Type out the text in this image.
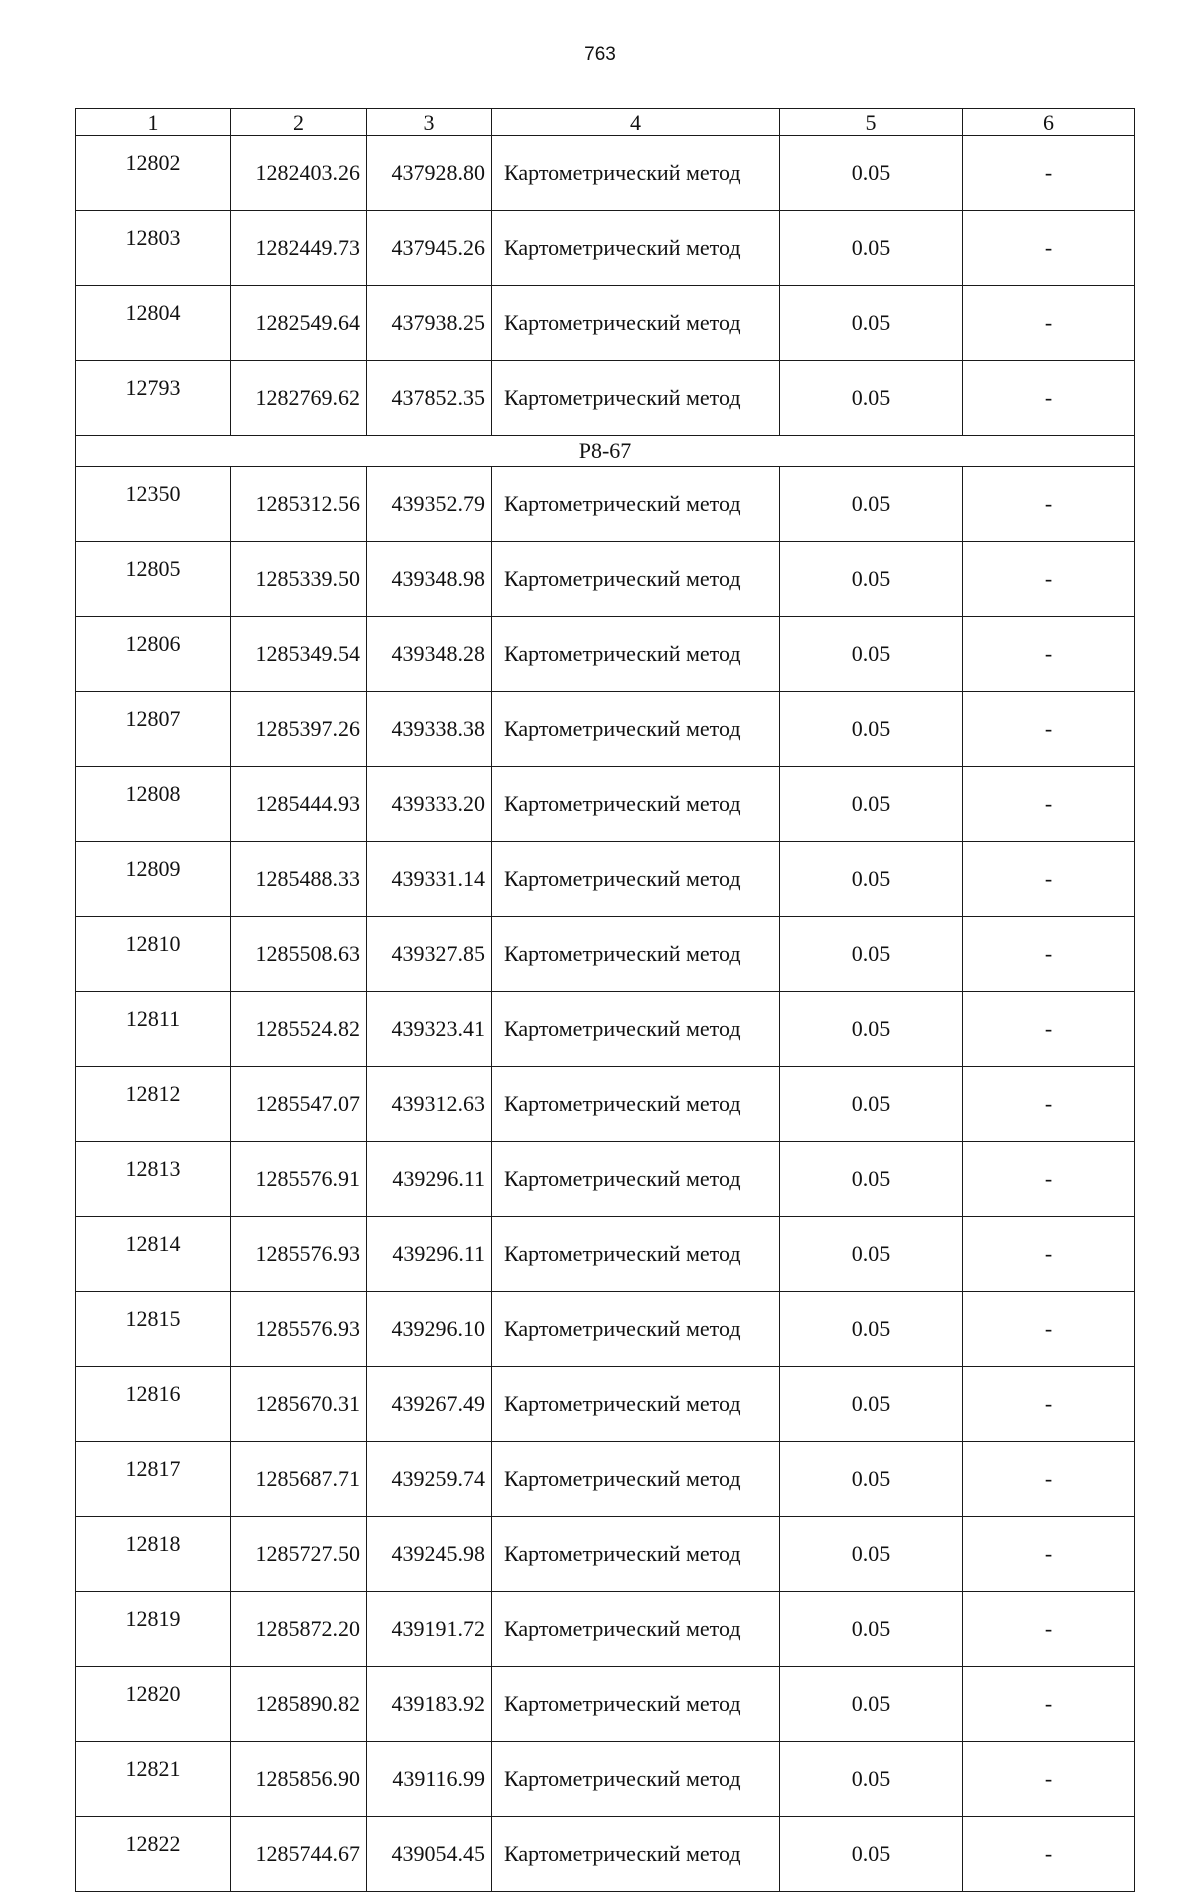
763
1	2	3	4	5	6
12802	1282403.26	437928.80	Картометрический метод	0.05	-
12803	1282449.73	437945.26	Картометрический метод	0.05	-
12804	1282549.64	437938.25	Картометрический метод	0.05	-
12793	1282769.62	437852.35	Картометрический метод	0.05	-
Р8-67					
12350	1285312.56	439352.79	Картометрический метод	0.05	-
12805	1285339.50	439348.98	Картометрический метод	0.05	-
12806	1285349.54	439348.28	Картометрический метод	0.05	-
12807	1285397.26	439338.38	Картометрический метод	0.05	-
12808	1285444.93	439333.20	Картометрический метод	0.05	-
12809	1285488.33	439331.14	Картометрический метод	0.05	-
12810	1285508.63	439327.85	Картометрический метод	0.05	-
12811	1285524.82	439323.41	Картометрический метод	0.05	-
12812	1285547.07	439312.63	Картометрический метод	0.05	-
12813	1285576.91	439296.11	Картометрический метод	0.05	-
12814	1285576.93	439296.11	Картометрический метод	0.05	-
12815	1285576.93	439296.10	Картометрический метод	0.05	-
12816	1285670.31	439267.49	Картометрический метод	0.05	-
12817	1285687.71	439259.74	Картометрический метод	0.05	-
12818	1285727.50	439245.98	Картометрический метод	0.05	-
12819	1285872.20	439191.72	Картометрический метод	0.05	-
12820	1285890.82	439183.92	Картометрический метод	0.05	-
12821	1285856.90	439116.99	Картометрический метод	0.05	-
12822	1285744.67	439054.45	Картометрический метод	0.05	-
